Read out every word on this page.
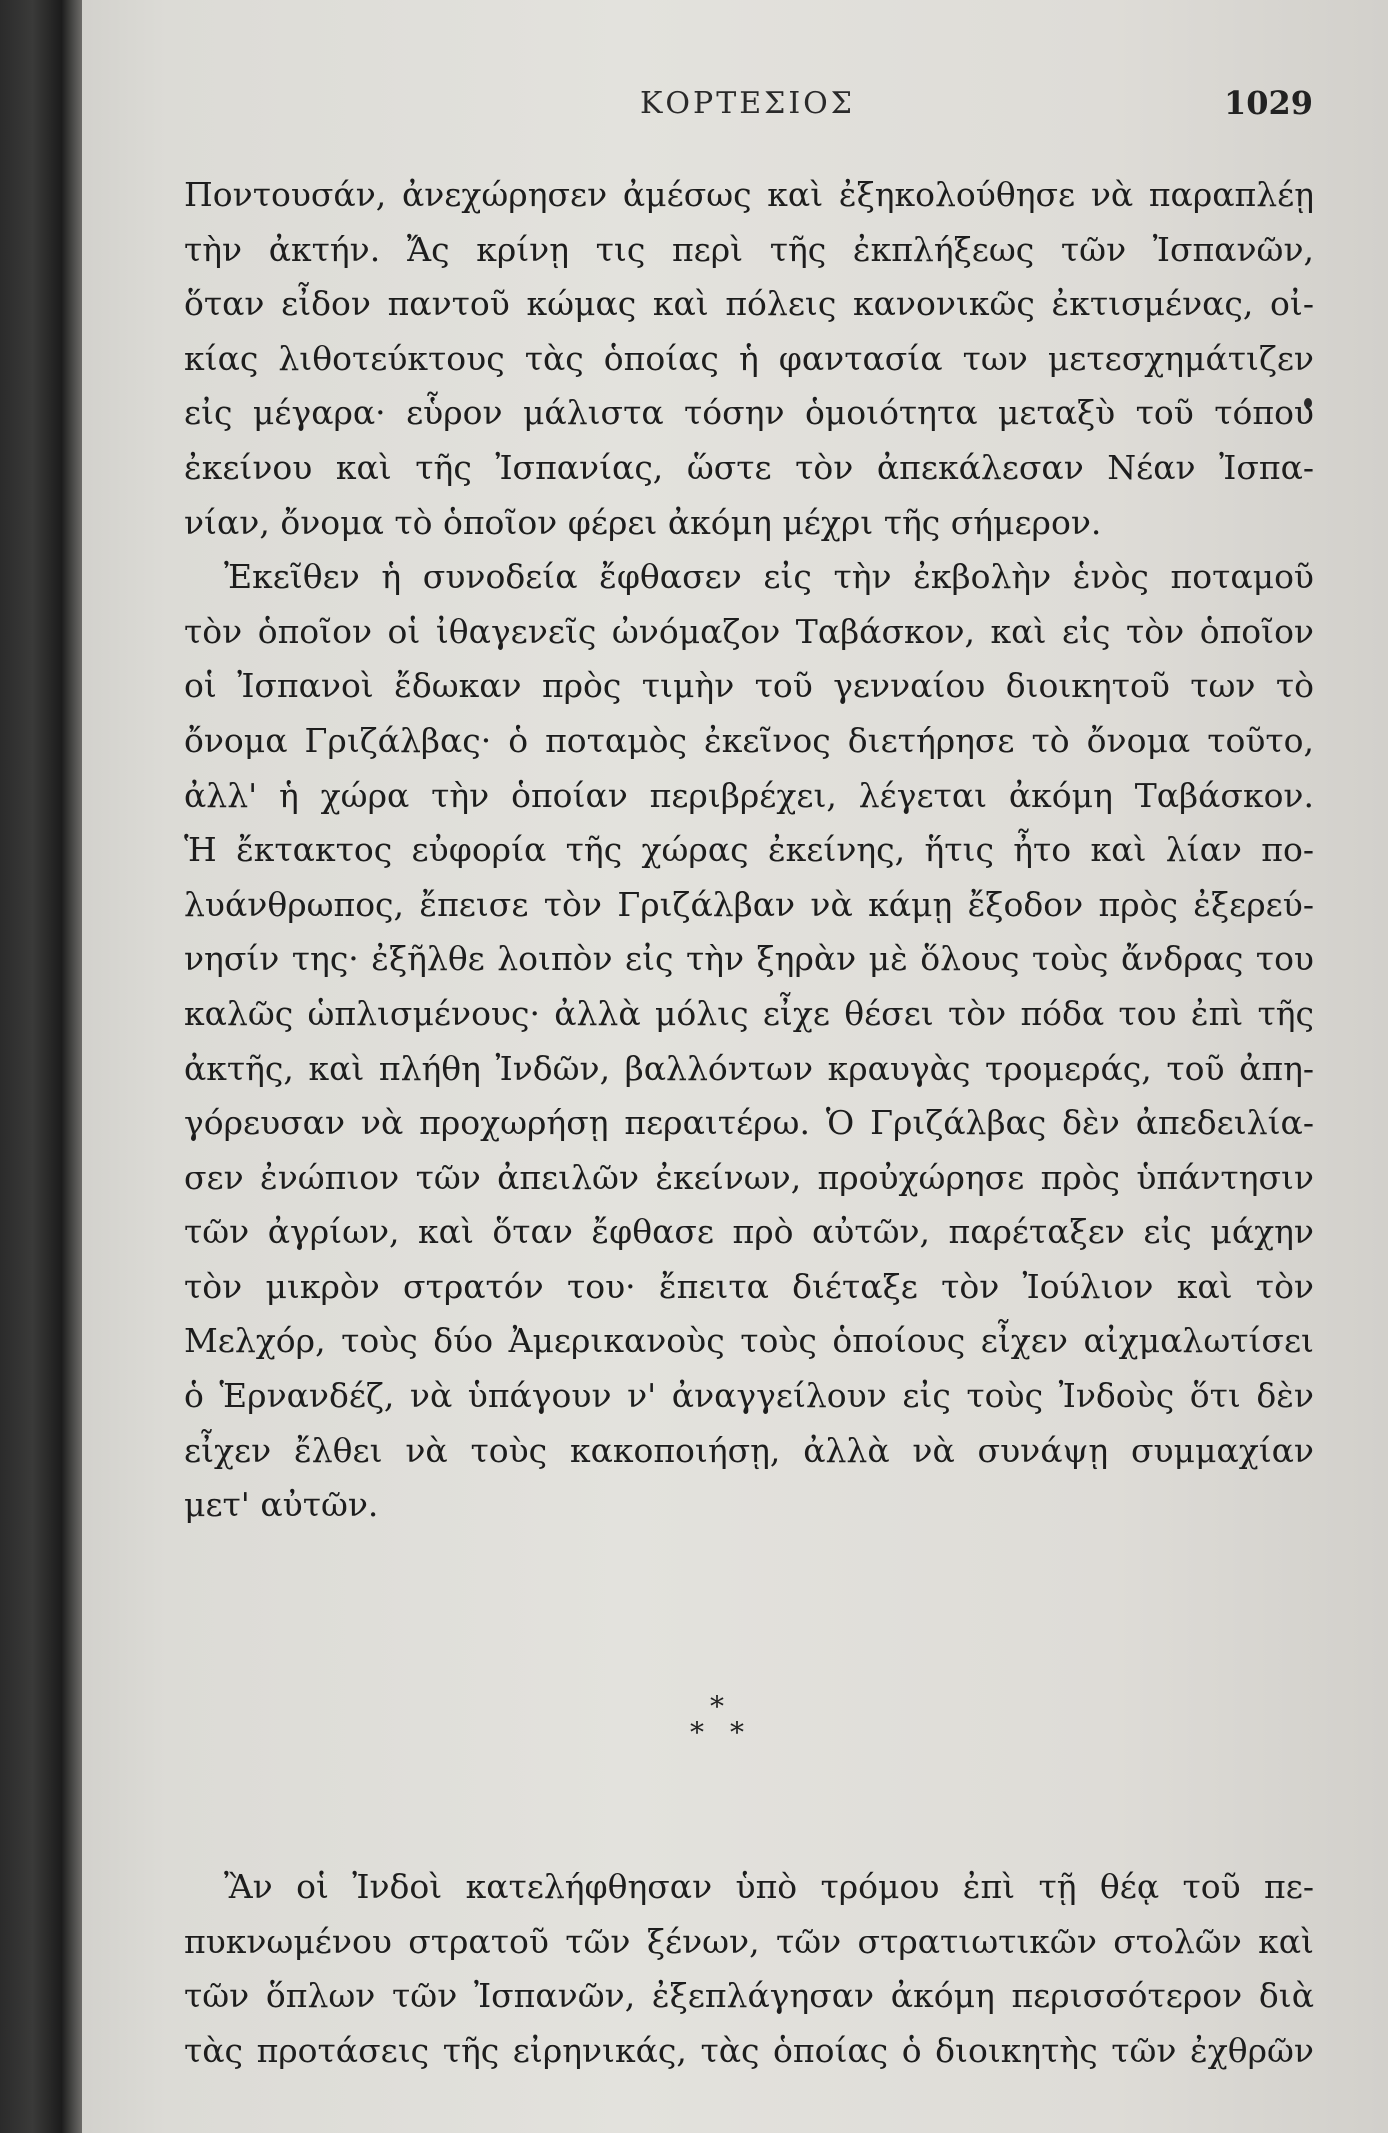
ΚΟΡΤΕΣΙΟΣ	1029
Ποντουσάν, ἀνεχώρησεν ἀμέσως καὶ ἐξηκολούθησε νὰ παραπλέῃ
τὴν ἀκτήν. Ἄς κρίνῃ τις περὶ τῆς ἐκπλήξεως τῶν Ἰσπανῶν,
ὅταν εἶδον παντοῦ κώμας καὶ πόλεις κανονικῶς ἐκτισμένας, οἰ-
κίας λιθοτεύκτους τὰς ὁποίας ἡ φαντασία των μετεσχημάτιζεν
εἰς μέγαρα· εὗρον μάλιστα τόσην ὁμοιότητα μεταξὺ τοῦ τόπου
ἐκείνου καὶ τῆς Ἰσπανίας, ὥστε τὸν ἀπεκάλεσαν Νέαν Ἰσπα-
νίαν, ὄνομα τὸ ὁποῖον φέρει ἀκόμη μέχρι τῆς σήμερον.
Ἐκεῖθεν ἡ συνοδεία ἔφθασεν εἰς τὴν ἐκβολὴν ἑνὸς ποταμοῦ
τὸν ὁποῖον οἱ ἰθαγενεῖς ὠνόμαζον Ταβάσκον, καὶ εἰς τὸν ὁποῖον
οἱ Ἰσπανοὶ ἔδωκαν πρὸς τιμὴν τοῦ γενναίου διοικητοῦ των τὸ
ὄνομα Γριζάλβας· ὁ ποταμὸς ἐκεῖνος διετήρησε τὸ ὄνομα τοῦτο,
ἀλλ' ἡ χώρα τὴν ὁποίαν περιβρέχει, λέγεται ἀκόμη Ταβάσκον.
Ἡ ἔκτακτος εὐφορία τῆς χώρας ἐκείνης, ἥτις ἦτο καὶ λίαν πο-
λυάνθρωπος, ἔπεισε τὸν Γριζάλβαν νὰ κάμῃ ἔξοδον πρὸς ἐξερεύ-
νησίν της· ἐξῆλθε λοιπὸν εἰς τὴν ξηρὰν μὲ ὅλους τοὺς ἄνδρας του
καλῶς ὡπλισμένους· ἀλλὰ μόλις εἶχε θέσει τὸν πόδα του ἐπὶ τῆς
ἀκτῆς, καὶ πλήθη Ἰνδῶν, βαλλόντων κραυγὰς τρομεράς, τοῦ ἀπη-
γόρευσαν νὰ προχωρήσῃ περαιτέρω. Ὁ Γριζάλβας δὲν ἀπεδειλία-
σεν ἐνώπιον τῶν ἀπειλῶν ἐκείνων, προὐχώρησε πρὸς ὑπάντησιν
τῶν ἀγρίων, καὶ ὅταν ἔφθασε πρὸ αὐτῶν, παρέταξεν εἰς μάχην
τὸν μικρὸν στρατόν του· ἔπειτα διέταξε τὸν Ἰούλιον καὶ τὸν
Μελχόρ, τοὺς δύο Ἀμερικανοὺς τοὺς ὁποίους εἶχεν αἰχμαλωτίσει
ὁ Ἑρνανδέζ, νὰ ὑπάγουν ν' ἀναγγείλουν εἰς τοὺς Ἰνδοὺς ὅτι δὲν
εἶχεν ἔλθει νὰ τοὺς κακοποιήσῃ, ἀλλὰ νὰ συνάψῃ συμμαχίαν
μετ' αὐτῶν.
*
* *
Ἂν οἱ Ἰνδοὶ κατελήφθησαν ὑπὸ τρόμου ἐπὶ τῇ θέᾳ τοῦ πε-
πυκνωμένου στρατοῦ τῶν ξένων, τῶν στρατιωτικῶν στολῶν καὶ
τῶν ὅπλων τῶν Ἰσπανῶν, ἐξεπλάγησαν ἀκόμη περισσότερον διὰ
τὰς προτάσεις τῆς εἰρηνικάς, τὰς ὁποίας ὁ διοικητὴς τῶν ἐχθρῶν
